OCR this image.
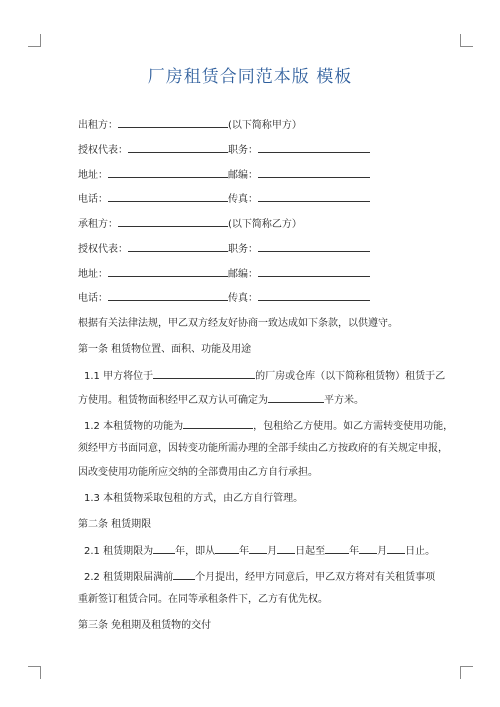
厂房租赁合同范本版 模板
出租方：	(以下简称甲方）
授权代表：	职务：
地址：	邮编：
电话：	传真：
承租方：	(以下简称乙方）
授权代表：	职务：
地址：	邮编：
电话：	传真：
根据有关法律法规，甲乙双方经友好协商一致达成如下条款，以供遵守。
第一条 租赁物位置、面积、功能及用途
1.1 甲方将位于	的厂房或仓库（以下简称租赁物）租赁于乙
方使用。租赁物面积经甲乙双方认可确定为	平方米。
1.2 本租赁物的功能为	，包租给乙方使用。如乙方需转变使用功能，
须经甲方书面同意，因转变功能所需办理的全部手续由乙方按政府的有关规定申报，
因改变使用功能所应交纳的全部费用由乙方自行承担。
1.3 本租赁物采取包租的方式，由乙方自行管理。
第二条 租赁期限
2.1 租赁期限为 年，即从 年 月 日起至 年 月 日止。
2.2 租赁期限届满前 个月提出，经甲方同意后，甲乙双方将对有关租赁事项
重新签订租赁合同。在同等承租条件下，乙方有优先权。
第三条 免租期及租赁物的交付
